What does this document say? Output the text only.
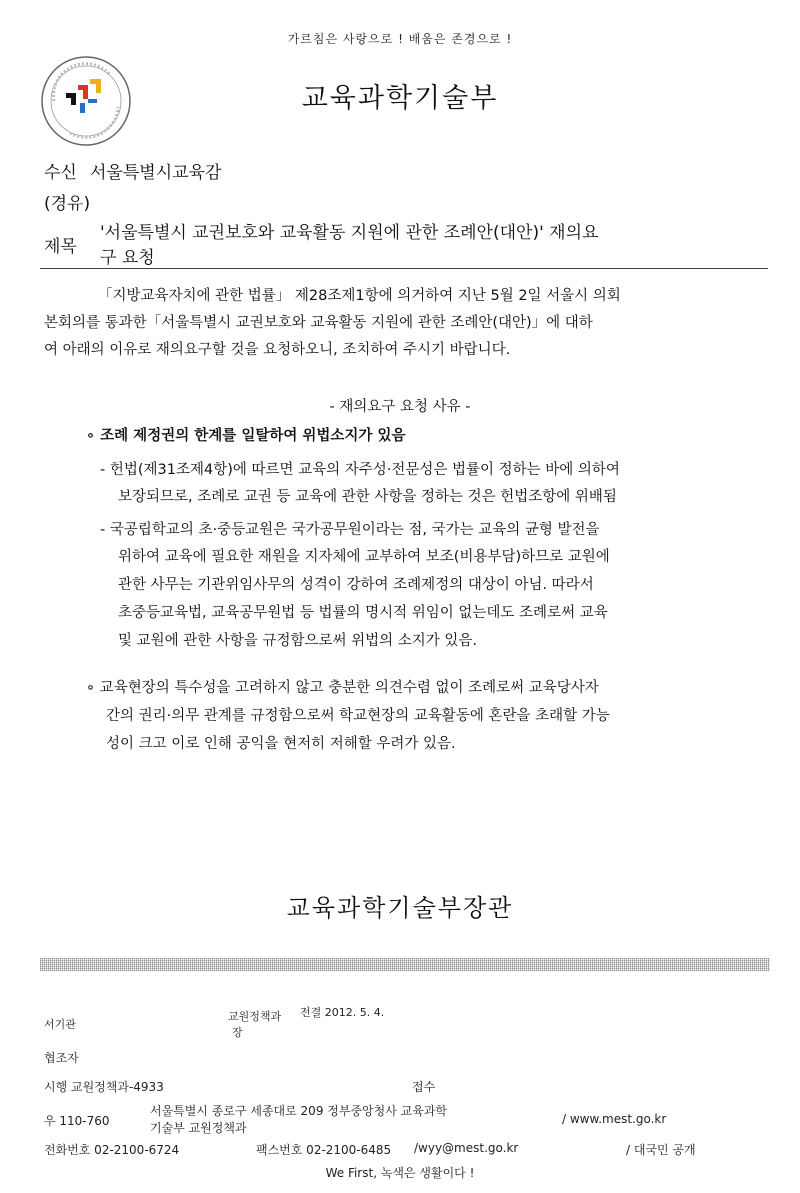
가르침은 사랑으로 ! 배움은 존경으로 !
교육과학기술부
수신 서울특별시교육감
(경유)
제목
'서울특별시 교권보호와 교육활동 지원에 관한 조례안(대안)' 재의요
구 요청
「지방교육자치에 관한 법률」 제28조제1항에 의거하여 지난 5월 2일 서울시 의회
본회의를 통과한「서울특별시 교권보호와 교육활동 지원에 관한 조례안(대안)」에 대하
여 아래의 이유로 재의요구할 것을 요청하오니, 조치하여 주시기 바랍니다.
- 재의요구 요청 사유 -
∘ 조례 제정권의 한계를 일탈하여 위법소지가 있음
- 헌법(제31조제4항)에 따르면 교육의 자주성·전문성은 법률이 정하는 바에 의하여
보장되므로, 조례로 교권 등 교육에 관한 사항을 정하는 것은 헌법조항에 위배됨
- 국공립학교의 초·중등교원은 국가공무원이라는 점, 국가는 교육의 균형 발전을
위하여 교육에 필요한 재원을 지자체에 교부하여 보조(비용부담)하므로 교원에
관한 사무는 기관위임사무의 성격이 강하여 조례제정의 대상이 아님. 따라서
초중등교육법, 교육공무원법 등 법률의 명시적 위임이 없는데도 조례로써 교육
및 교원에 관한 사항을 규정함으로써 위법의 소지가 있음.
∘ 교육현장의 특수성을 고려하지 않고 충분한 의견수렴 없이 조례로써 교육당사자
간의 권리·의무 관계를 규정함으로써 학교현장의 교육활동에 혼란을 초래할 가능
성이 크고 이로 인해 공익을 현저히 저해할 우려가 있음.
교육과학기술부장관
서기관
교원정책과
장
전결 2012. 5. 4.
협조자
시행 교원정책과-4933	접수
우 110-760
서울특별시 종로구 세종대로 209 정부중앙청사 교육과학
기술부 교원정책과
/ www.mest.go.kr
전화번호 02-2100-6724	팩스번호 02-2100-6485 /wyy@mest.go.kr	/ 대국민 공개
We First, 녹색은 생활이다 !
